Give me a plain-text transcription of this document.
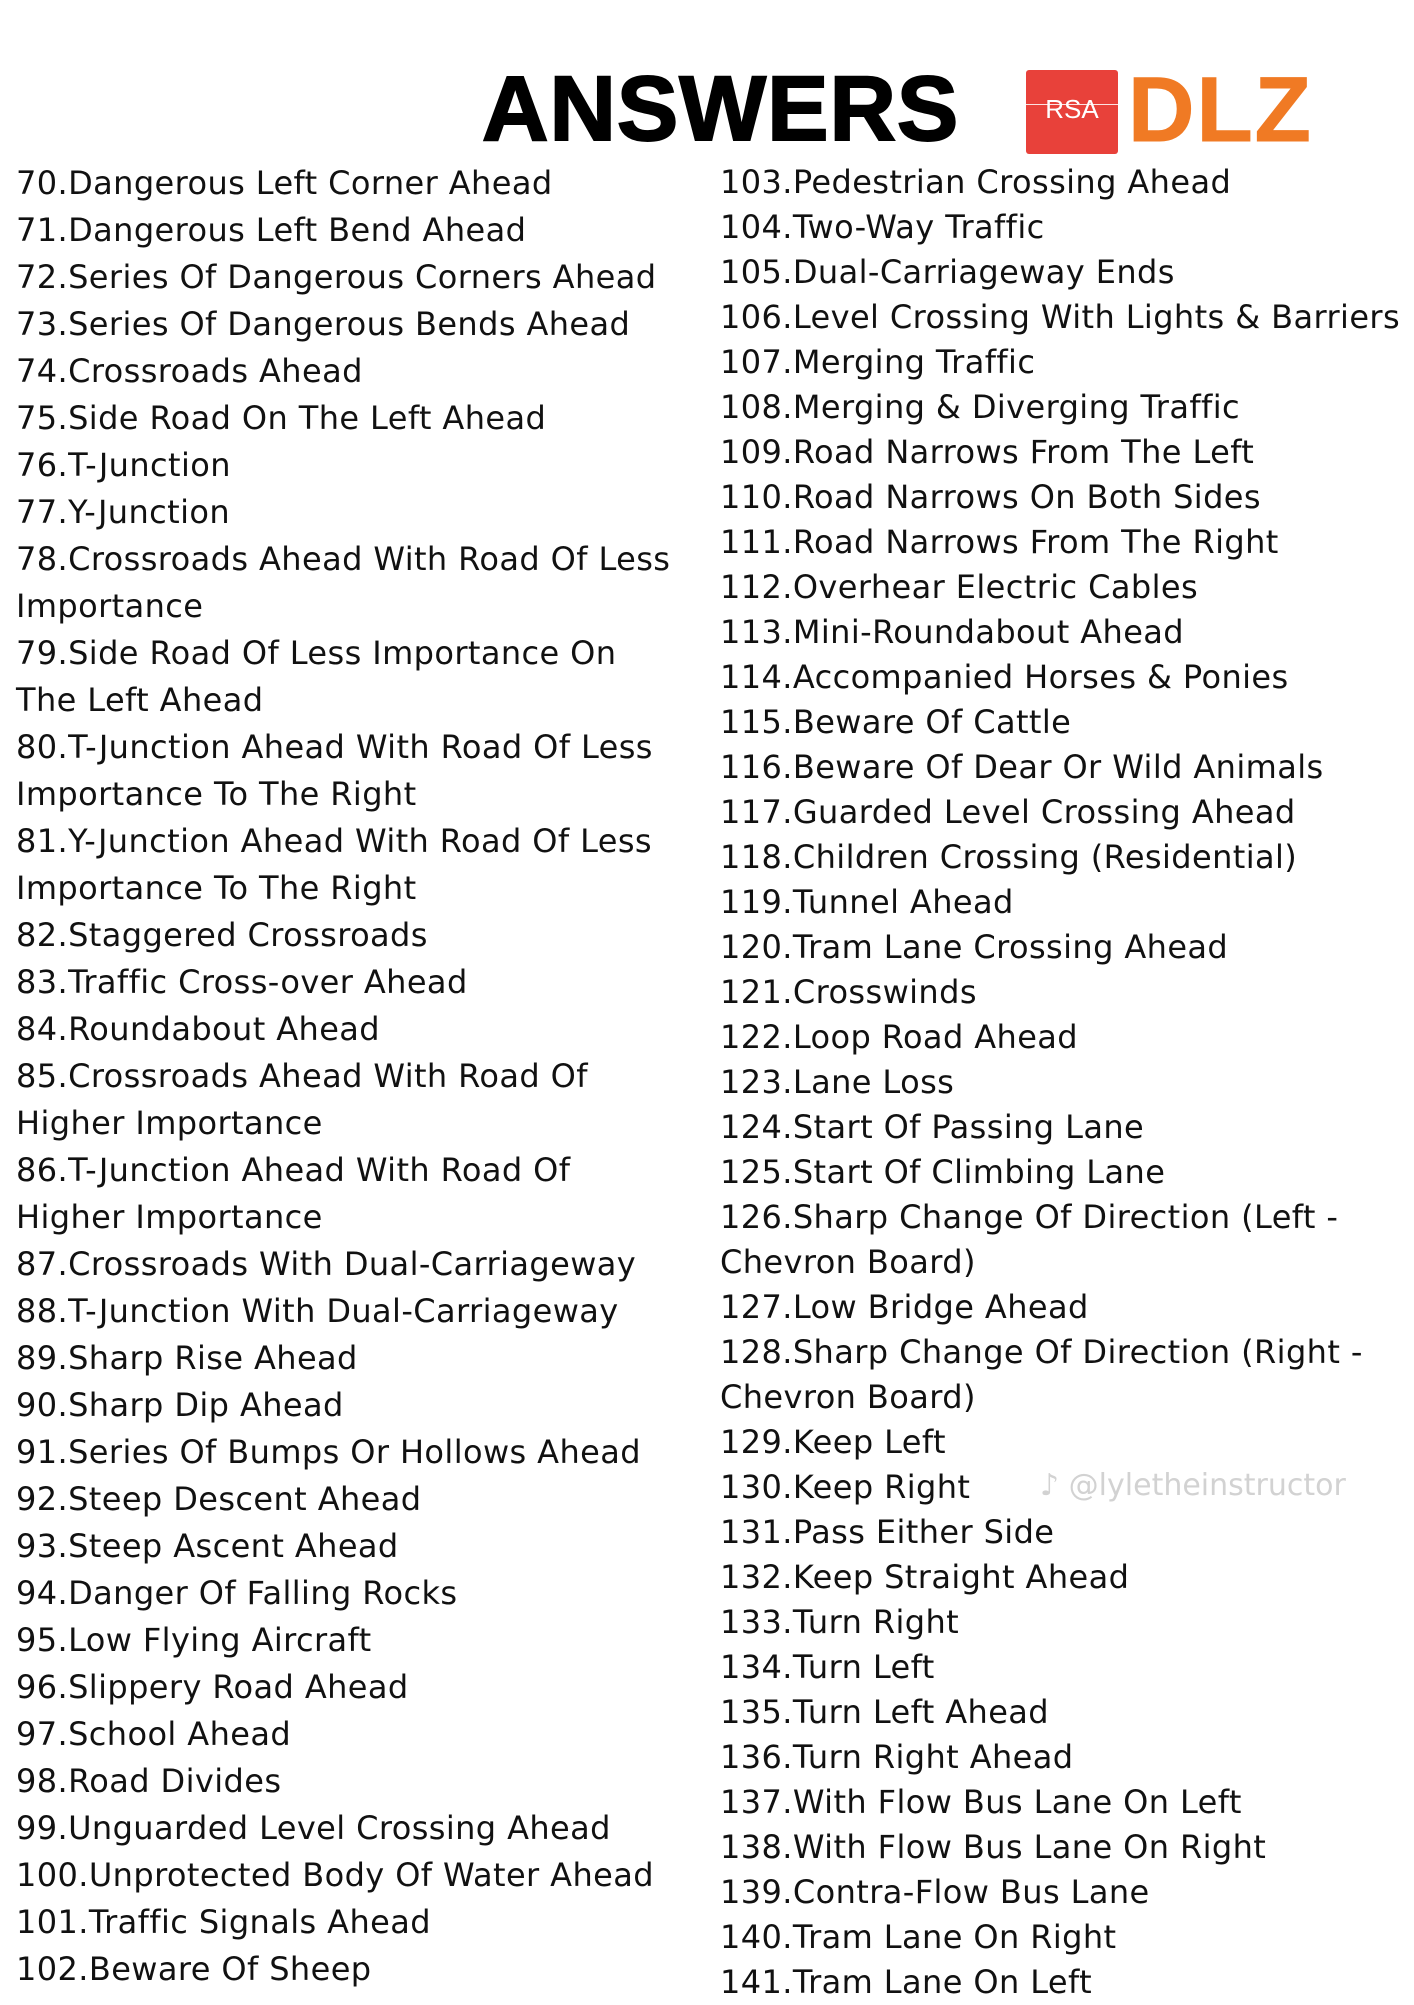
ANSWERS	RSA DLZ
70.Dangerous Left Corner Ahead
71.Dangerous Left Bend Ahead
72.Series Of Dangerous Corners Ahead
73.Series Of Dangerous Bends Ahead
74.Crossroads Ahead
75.Side Road On The Left Ahead
76.T-Junction
77.Y-Junction
78.Crossroads Ahead With Road Of Less
Importance
79.Side Road Of Less Importance On
The Left Ahead
80.T-Junction Ahead With Road Of Less
Importance To The Right
81.Y-Junction Ahead With Road Of Less
Importance To The Right
82.Staggered Crossroads
83.Traffic Cross-over Ahead
84.Roundabout Ahead
85.Crossroads Ahead With Road Of
Higher Importance
86.T-Junction Ahead With Road Of
Higher Importance
87.Crossroads With Dual-Carriageway
88.T-Junction With Dual-Carriageway
89.Sharp Rise Ahead
90.Sharp Dip Ahead
91.Series Of Bumps Or Hollows Ahead
92.Steep Descent Ahead
93.Steep Ascent Ahead
94.Danger Of Falling Rocks
95.Low Flying Aircraft
96.Slippery Road Ahead
97.School Ahead
98.Road Divides
99.Unguarded Level Crossing Ahead
100.Unprotected Body Of Water Ahead
101.Traffic Signals Ahead
102.Beware Of Sheep
103.Pedestrian Crossing Ahead
104.Two-Way Traffic
105.Dual-Carriageway Ends
106.Level Crossing With Lights & Barriers
107.Merging Traffic
108.Merging & Diverging Traffic
109.Road Narrows From The Left
110.Road Narrows On Both Sides
111.Road Narrows From The Right
112.Overhear Electric Cables
113.Mini-Roundabout Ahead
114.Accompanied Horses & Ponies
115.Beware Of Cattle
116.Beware Of Dear Or Wild Animals
117.Guarded Level Crossing Ahead
118.Children Crossing (Residential)
119.Tunnel Ahead
120.Tram Lane Crossing Ahead
121.Crosswinds
122.Loop Road Ahead
123.Lane Loss
124.Start Of Passing Lane
125.Start Of Climbing Lane
126.Sharp Change Of Direction (Left -
Chevron Board)
127.Low Bridge Ahead
128.Sharp Change Of Direction (Right -
Chevron Board)
129.Keep Left
130.Keep Right
131.Pass Either Side
132.Keep Straight Ahead
133.Turn Right
134.Turn Left
135.Turn Left Ahead
136.Turn Right Ahead
137.With Flow Bus Lane On Left
138.With Flow Bus Lane On Right
139.Contra-Flow Bus Lane
140.Tram Lane On Right
141.Tram Lane On Left
♪ @lyletheinstructor
